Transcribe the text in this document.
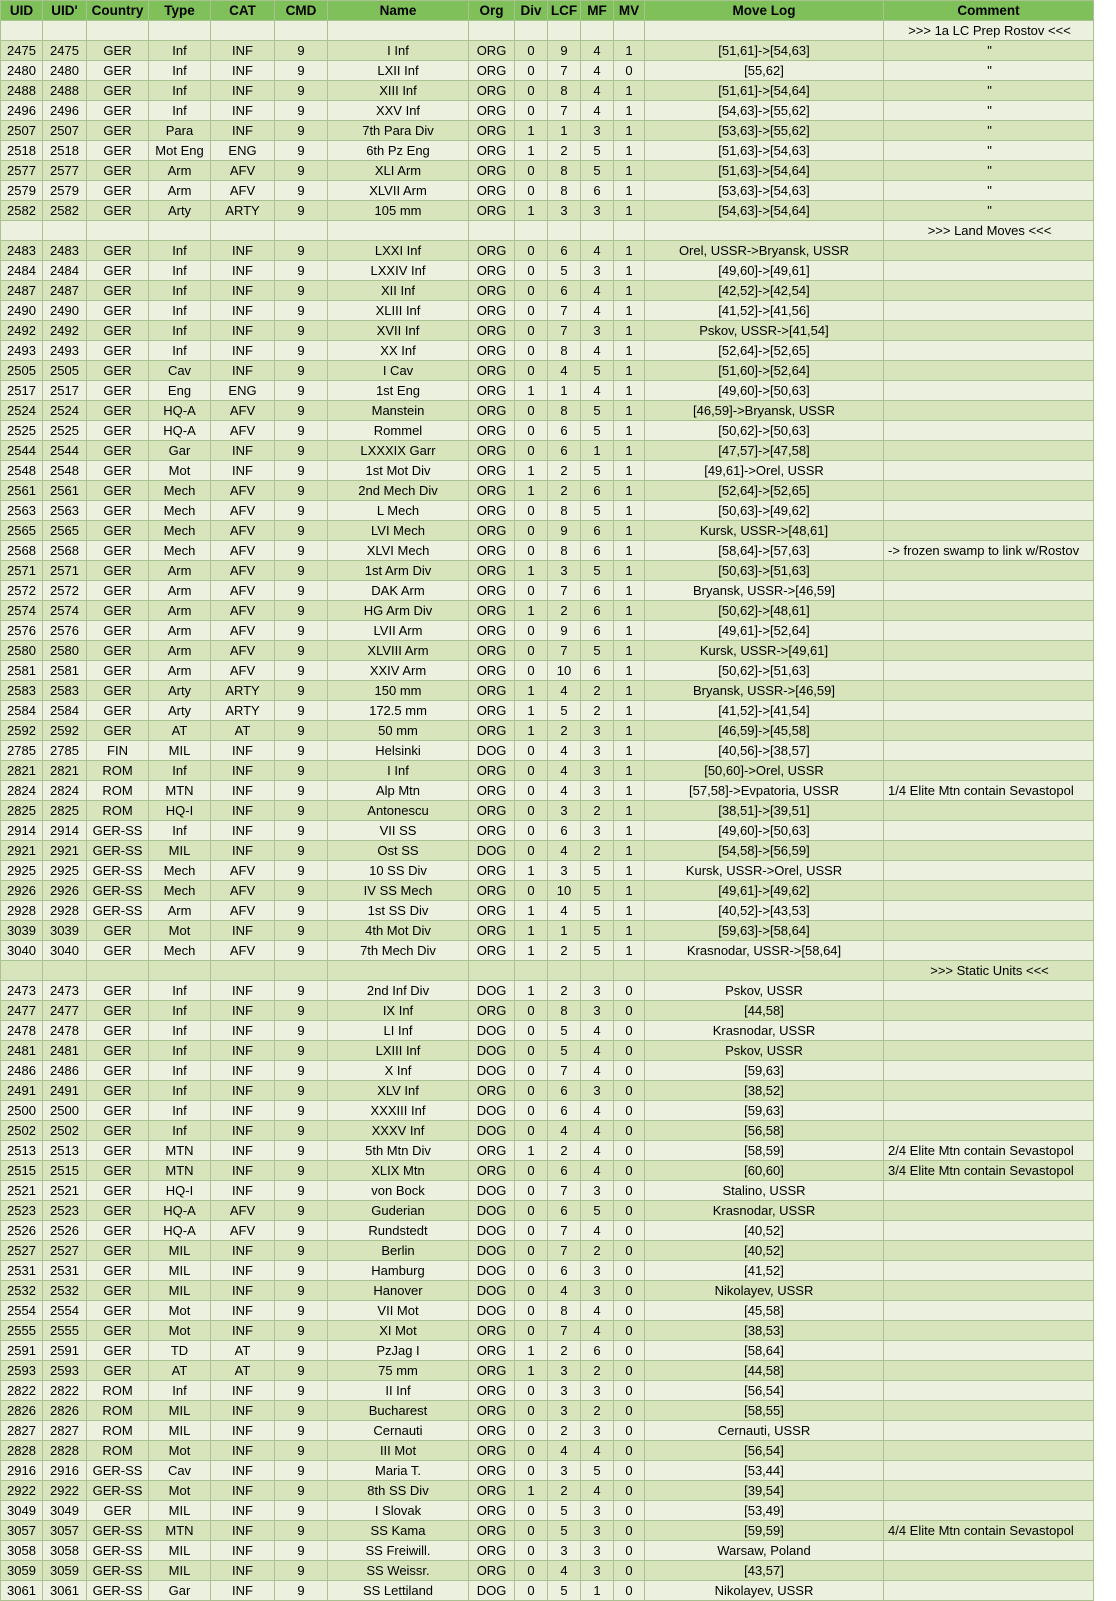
UID	UID'	Country	Type	CAT	CMD	Name	Org	Div	LCF	MF	MV	Move Log	Comment
													>>> 1a LC Prep Rostov <<<
2475	2475	GER	Inf	INF	9	I Inf	ORG	0	9	4	1	[51,61]->[54,63]	"
2480	2480	GER	Inf	INF	9	LXII Inf	ORG	0	7	4	0	[55,62]	"
2488	2488	GER	Inf	INF	9	XIII Inf	ORG	0	8	4	1	[51,61]->[54,64]	"
2496	2496	GER	Inf	INF	9	XXV Inf	ORG	0	7	4	1	[54,63]->[55,62]	"
2507	2507	GER	Para	INF	9	7th Para Div	ORG	1	1	3	1	[53,63]->[55,62]	"
2518	2518	GER	Mot Eng	ENG	9	6th Pz Eng	ORG	1	2	5	1	[51,63]->[54,63]	"
2577	2577	GER	Arm	AFV	9	XLI Arm	ORG	0	8	5	1	[51,63]->[54,64]	"
2579	2579	GER	Arm	AFV	9	XLVII Arm	ORG	0	8	6	1	[53,63]->[54,63]	"
2582	2582	GER	Arty	ARTY	9	105 mm	ORG	1	3	3	1	[54,63]->[54,64]	"
													>>> Land Moves <<<
2483	2483	GER	Inf	INF	9	LXXI Inf	ORG	0	6	4	1	Orel, USSR->Bryansk, USSR	
2484	2484	GER	Inf	INF	9	LXXIV Inf	ORG	0	5	3	1	[49,60]->[49,61]	
2487	2487	GER	Inf	INF	9	XII Inf	ORG	0	6	4	1	[42,52]->[42,54]	
2490	2490	GER	Inf	INF	9	XLIII Inf	ORG	0	7	4	1	[41,52]->[41,56]	
2492	2492	GER	Inf	INF	9	XVII Inf	ORG	0	7	3	1	Pskov, USSR->[41,54]	
2493	2493	GER	Inf	INF	9	XX Inf	ORG	0	8	4	1	[52,64]->[52,65]	
2505	2505	GER	Cav	INF	9	I Cav	ORG	0	4	5	1	[51,60]->[52,64]	
2517	2517	GER	Eng	ENG	9	1st Eng	ORG	1	1	4	1	[49,60]->[50,63]	
2524	2524	GER	HQ-A	AFV	9	Manstein	ORG	0	8	5	1	[46,59]->Bryansk, USSR	
2525	2525	GER	HQ-A	AFV	9	Rommel	ORG	0	6	5	1	[50,62]->[50,63]	
2544	2544	GER	Gar	INF	9	LXXXIX Garr	ORG	0	6	1	1	[47,57]->[47,58]	
2548	2548	GER	Mot	INF	9	1st Mot Div	ORG	1	2	5	1	[49,61]->Orel, USSR	
2561	2561	GER	Mech	AFV	9	2nd Mech Div	ORG	1	2	6	1	[52,64]->[52,65]	
2563	2563	GER	Mech	AFV	9	L Mech	ORG	0	8	5	1	[50,63]->[49,62]	
2565	2565	GER	Mech	AFV	9	LVI Mech	ORG	0	9	6	1	Kursk, USSR->[48,61]	
2568	2568	GER	Mech	AFV	9	XLVI Mech	ORG	0	8	6	1	[58,64]->[57,63]	-> frozen swamp to link w/Rostov
2571	2571	GER	Arm	AFV	9	1st Arm Div	ORG	1	3	5	1	[50,63]->[51,63]	
2572	2572	GER	Arm	AFV	9	DAK Arm	ORG	0	7	6	1	Bryansk, USSR->[46,59]	
2574	2574	GER	Arm	AFV	9	HG Arm Div	ORG	1	2	6	1	[50,62]->[48,61]	
2576	2576	GER	Arm	AFV	9	LVII Arm	ORG	0	9	6	1	[49,61]->[52,64]	
2580	2580	GER	Arm	AFV	9	XLVIII Arm	ORG	0	7	5	1	Kursk, USSR->[49,61]	
2581	2581	GER	Arm	AFV	9	XXIV Arm	ORG	0	10	6	1	[50,62]->[51,63]	
2583	2583	GER	Arty	ARTY	9	150 mm	ORG	1	4	2	1	Bryansk, USSR->[46,59]	
2584	2584	GER	Arty	ARTY	9	172.5 mm	ORG	1	5	2	1	[41,52]->[41,54]	
2592	2592	GER	AT	AT	9	50 mm	ORG	1	2	3	1	[46,59]->[45,58]	
2785	2785	FIN	MIL	INF	9	Helsinki	DOG	0	4	3	1	[40,56]->[38,57]	
2821	2821	ROM	Inf	INF	9	I Inf	ORG	0	4	3	1	[50,60]->Orel, USSR	
2824	2824	ROM	MTN	INF	9	Alp Mtn	ORG	0	4	3	1	[57,58]->Evpatoria, USSR	1/4 Elite Mtn contain Sevastopol
2825	2825	ROM	HQ-I	INF	9	Antonescu	ORG	0	3	2	1	[38,51]->[39,51]	
2914	2914	GER-SS	Inf	INF	9	VII SS	ORG	0	6	3	1	[49,60]->[50,63]	
2921	2921	GER-SS	MIL	INF	9	Ost SS	DOG	0	4	2	1	[54,58]->[56,59]	
2925	2925	GER-SS	Mech	AFV	9	10 SS Div	ORG	1	3	5	1	Kursk, USSR->Orel, USSR	
2926	2926	GER-SS	Mech	AFV	9	IV SS Mech	ORG	0	10	5	1	[49,61]->[49,62]	
2928	2928	GER-SS	Arm	AFV	9	1st SS Div	ORG	1	4	5	1	[40,52]->[43,53]	
3039	3039	GER	Mot	INF	9	4th Mot Div	ORG	1	1	5	1	[59,63]->[58,64]	
3040	3040	GER	Mech	AFV	9	7th Mech Div	ORG	1	2	5	1	Krasnodar, USSR->[58,64]	
													>>> Static Units <<<
2473	2473	GER	Inf	INF	9	2nd Inf Div	DOG	1	2	3	0	Pskov, USSR	
2477	2477	GER	Inf	INF	9	IX Inf	ORG	0	8	3	0	[44,58]	
2478	2478	GER	Inf	INF	9	LI Inf	DOG	0	5	4	0	Krasnodar, USSR	
2481	2481	GER	Inf	INF	9	LXIII Inf	DOG	0	5	4	0	Pskov, USSR	
2486	2486	GER	Inf	INF	9	X Inf	DOG	0	7	4	0	[59,63]	
2491	2491	GER	Inf	INF	9	XLV Inf	ORG	0	6	3	0	[38,52]	
2500	2500	GER	Inf	INF	9	XXXIII Inf	DOG	0	6	4	0	[59,63]	
2502	2502	GER	Inf	INF	9	XXXV Inf	DOG	0	4	4	0	[56,58]	
2513	2513	GER	MTN	INF	9	5th Mtn Div	ORG	1	2	4	0	[58,59]	2/4 Elite Mtn contain Sevastopol
2515	2515	GER	MTN	INF	9	XLIX Mtn	ORG	0	6	4	0	[60,60]	3/4 Elite Mtn contain Sevastopol
2521	2521	GER	HQ-I	INF	9	von Bock	DOG	0	7	3	0	Stalino, USSR	
2523	2523	GER	HQ-A	AFV	9	Guderian	DOG	0	6	5	0	Krasnodar, USSR	
2526	2526	GER	HQ-A	AFV	9	Rundstedt	DOG	0	7	4	0	[40,52]	
2527	2527	GER	MIL	INF	9	Berlin	DOG	0	7	2	0	[40,52]	
2531	2531	GER	MIL	INF	9	Hamburg	DOG	0	6	3	0	[41,52]	
2532	2532	GER	MIL	INF	9	Hanover	DOG	0	4	3	0	Nikolayev, USSR	
2554	2554	GER	Mot	INF	9	VII Mot	DOG	0	8	4	0	[45,58]	
2555	2555	GER	Mot	INF	9	XI Mot	ORG	0	7	4	0	[38,53]	
2591	2591	GER	TD	AT	9	PzJag I	ORG	1	2	6	0	[58,64]	
2593	2593	GER	AT	AT	9	75 mm	ORG	1	3	2	0	[44,58]	
2822	2822	ROM	Inf	INF	9	II Inf	ORG	0	3	3	0	[56,54]	
2826	2826	ROM	MIL	INF	9	Bucharest	ORG	0	3	2	0	[58,55]	
2827	2827	ROM	MIL	INF	9	Cernauti	ORG	0	2	3	0	Cernauti, USSR	
2828	2828	ROM	Mot	INF	9	III Mot	ORG	0	4	4	0	[56,54]	
2916	2916	GER-SS	Cav	INF	9	Maria T.	ORG	0	3	5	0	[53,44]	
2922	2922	GER-SS	Mot	INF	9	8th SS Div	ORG	1	2	4	0	[39,54]	
3049	3049	GER	MIL	INF	9	I Slovak	ORG	0	5	3	0	[53,49]	
3057	3057	GER-SS	MTN	INF	9	SS Kama	ORG	0	5	3	0	[59,59]	4/4 Elite Mtn contain Sevastopol
3058	3058	GER-SS	MIL	INF	9	SS Freiwill.	ORG	0	3	3	0	Warsaw, Poland	
3059	3059	GER-SS	MIL	INF	9	SS Weissr.	ORG	0	4	3	0	[43,57]	
3061	3061	GER-SS	Gar	INF	9	SS Lettiland	DOG	0	5	1	0	Nikolayev, USSR	
